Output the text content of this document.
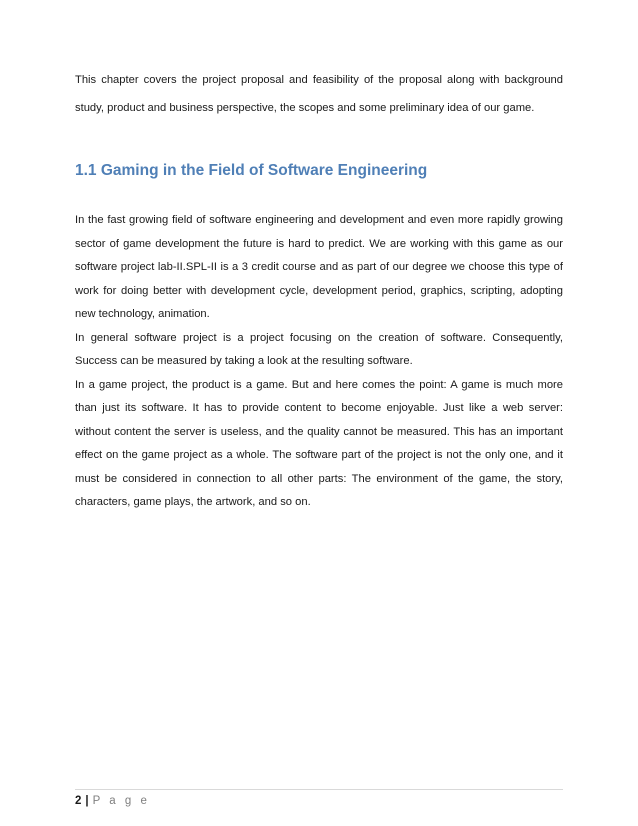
This chapter covers the project proposal and feasibility of the proposal along with background study, product and business perspective, the scopes and some preliminary idea of our game.

1.1 Gaming in the Field of Software Engineering

In the fast growing field of software engineering and development and even more rapidly growing sector of game development the future is hard to predict. We are working with this game as our software project lab-II.SPL-II is a 3 credit course and as part of our degree we choose this type of work for doing better with development cycle, development period, graphics, scripting, adopting new technology, animation.

In general software project is a project focusing on the creation of software. Consequently, Success can be measured by taking a look at the resulting software.

In a game project, the product is a game. But and here comes the point: A game is much more than just its software. It has to provide content to become enjoyable. Just like a web server: without content the server is useless, and the quality cannot be measured. This has an important effect on the game project as a whole. The software part of the project is not the only one, and it must be considered in connection to all other parts: The environment of the game, the story, characters, game plays, the artwork, and so on.

2 | P a g e
